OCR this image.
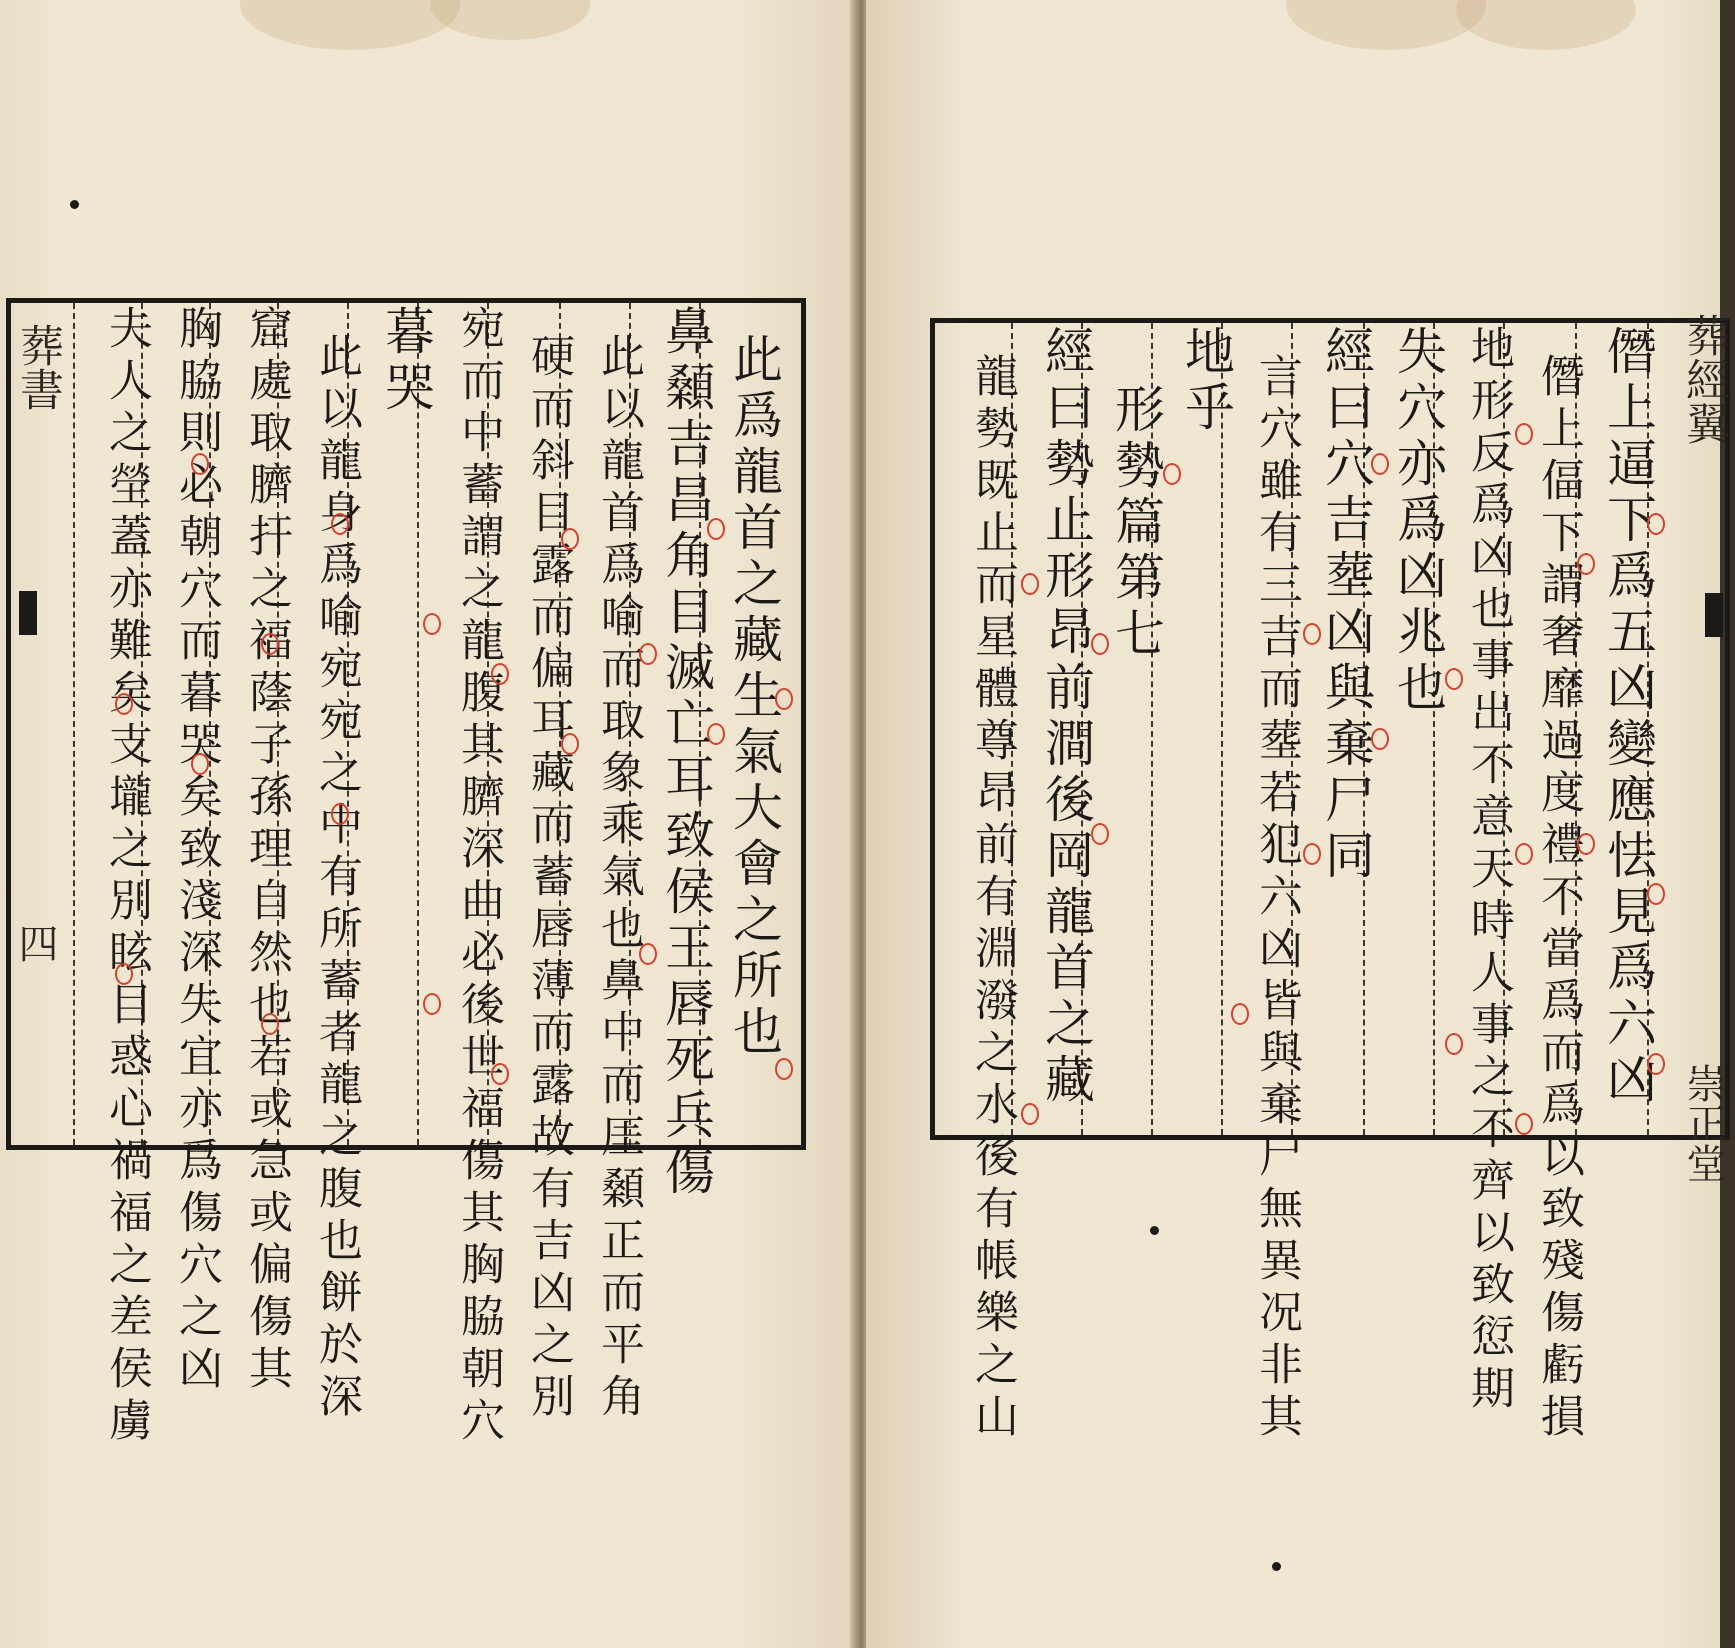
葬書
四	此爲龍首之藏生氣大會之所也
鼻顙吉昌角目滅亡耳致侯王唇死兵傷
此以龍首爲喻而取象乘氣也鼻中而厓顙正而平角
硬而斜目露而偏耳藏而蓄唇薄而露故有吉凶之別
宛而中蓄謂之龍腹其臍深曲必後世福傷其胸脇朝穴
暮哭
此以龍身爲喻宛宛之中有所蓄者龍之腹也餅於深
窟處取臍扞之福蔭子孫理自然也若或急或偏傷其
胸脇則必朝穴而暮哭矣致淺深失宜亦爲傷穴之凶
夫人之塋蓋亦難矣支壠之別眩目惑心禍福之差侯虜	葬經翼
崇正堂
僭上逼下爲五凶變應怯見爲六凶
僭上偪下謂奢靡過度禮不當爲而爲以致殘傷虧損
地形反爲凶也事出不意天時人事之不齊以致愆期
失穴亦爲凶兆也
經曰穴吉塟凶與棄尸同
言穴雖有三吉而塟若犯六凶皆與棄尸無異况非其
地乎
形勢篇第七
經曰勢止形昂前澗後岡龍首之藏
龍勢既止而星體尊昂前有淵潑之水後有帳樂之山
